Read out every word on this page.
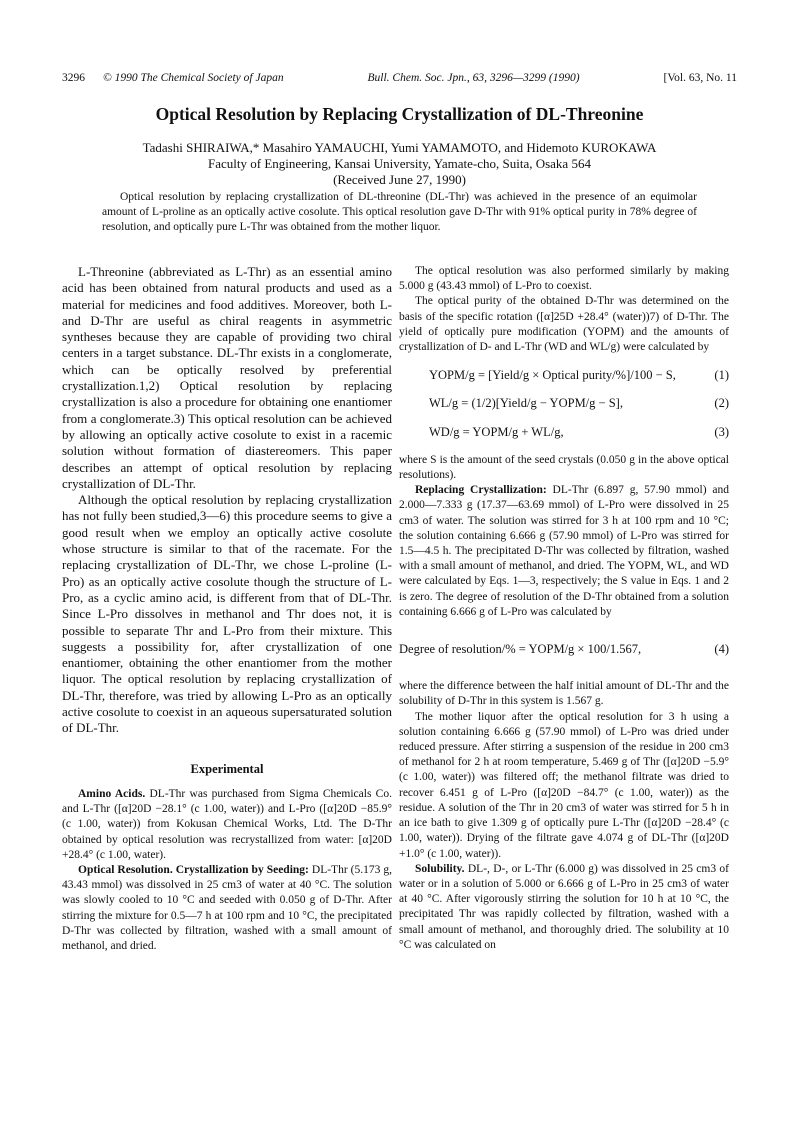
3296 © 1990 The Chemical Society of Japan	Bull. Chem. Soc. Jpn., 63, 3296—3299 (1990)	[Vol. 63, No. 11
Optical Resolution by Replacing Crystallization of DL-Threonine
Tadashi SHIRAIWA,* Masahiro YAMAUCHI, Yumi YAMAMOTO, and Hidemoto KUROKAWA
Faculty of Engineering, Kansai University, Yamate-cho, Suita, Osaka 564
(Received June 27, 1990)
Optical resolution by replacing crystallization of DL-threonine (DL-Thr) was achieved in the presence of an equimolar amount of L-proline as an optically active cosolute. This optical resolution gave D-Thr with 91% optical purity in 78% degree of resolution, and optically pure L-Thr was obtained from the mother liquor.

L-Threonine (abbreviated as L-Thr) as an essential amino acid has been obtained from natural products and used as a material for medicines and food additives. Moreover, both L-and D-Thr are useful as chiral reagents in asymmetric syntheses because they are capable of providing two chiral centers in a target substance. DL-Thr exists in a conglomerate, which can be optically resolved by preferential crystallization.1,2) Optical resolution by replacing crystallization is also a procedure for obtaining one enantiomer from a conglomerate.3) This optical resolution can be achieved by allowing an optically active cosolute to exist in a racemic solution without formation of diastereomers. This paper describes an attempt of optical resolution by replacing crystallization of DL-Thr.

Although the optical resolution by replacing crystallization has not fully been studied,3—6) this procedure seems to give a good result when we employ an optically active cosolute whose structure is similar to that of the racemate. For the replacing crystallization of DL-Thr, we chose L-proline (L-Pro) as an optically active cosolute though the structure of L-Pro, as a cyclic amino acid, is different from that of DL-Thr. Since L-Pro dissolves in methanol and Thr does not, it is possible to separate Thr and L-Pro from their mixture. This suggests a possibility for, after crystallization of one enantiomer, obtaining the other enantiomer from the mother liquor. The optical resolution by replacing crystallization of DL-Thr, therefore, was tried by allowing L-Pro as an optically active cosolute to coexist in an aqueous supersaturated solution of DL-Thr.

Experimental

Amino Acids. DL-Thr was purchased from Sigma Chemicals Co. and L-Thr ([α]20D −28.1° (c 1.00, water)) and L-Pro ([α]20D −85.9° (c 1.00, water)) from Kokusan Chemical Works, Ltd. The D-Thr obtained by optical resolution was recrystallized from water: [α]20D +28.4° (c 1.00, water).

Optical Resolution. Crystallization by Seeding: DL-Thr (5.173 g, 43.43 mmol) was dissolved in 25 cm3 of water at 40 °C. The solution was slowly cooled to 10 °C and seeded with 0.050 g of D-Thr. After stirring the mixture for 0.5—7 h at 100 rpm and 10 °C, the precipitated D-Thr was collected by filtration, washed with a small amount of methanol, and dried.

The optical resolution was also performed similarly by making 5.000 g (43.43 mmol) of L-Pro to coexist.

The optical purity of the obtained D-Thr was determined on the basis of the specific rotation ([α]25D +28.4° (water))7) of D-Thr. The yield of optically pure modification (YOPM) and the amounts of crystallization of D- and L-Thr (WD and WL/g) were calculated by

YOPM/g = [Yield/g × Optical purity/%]/100 − S,	(1)
WL/g = (1/2)[Yield/g − YOPM/g − S],	(2)
WD/g = YOPM/g + WL/g,	(3)

where S is the amount of the seed crystals (0.050 g in the above optical resolutions).

Replacing Crystallization: DL-Thr (6.897 g, 57.90 mmol) and 2.000—7.333 g (17.37—63.69 mmol) of L-Pro were dissolved in 25 cm3 of water. The solution was stirred for 3 h at 100 rpm and 10 °C; the solution containing 6.666 g (57.90 mmol) of L-Pro was stirred for 1.5—4.5 h. The precipitated D-Thr was collected by filtration, washed with a small amount of methanol, and dried. The YOPM, WL, and WD were calculated by Eqs. 1—3, respectively; the S value in Eqs. 1 and 2 is zero. The degree of resolution of the D-Thr obtained from a solution containing 6.666 g of L-Pro was calculated by

Degree of resolution/% = YOPM/g × 100/1.567,	(4)

where the difference between the half initial amount of DL-Thr and the solubility of D-Thr in this system is 1.567 g.

The mother liquor after the optical resolution for 3 h using a solution containing 6.666 g (57.90 mmol) of L-Pro was dried under reduced pressure. After stirring a suspension of the residue in 200 cm3 of methanol for 2 h at room temperature, 5.469 g of Thr ([α]20D −5.9° (c 1.00, water)) was filtered off; the methanol filtrate was dried to recover 6.451 g of L-Pro ([α]20D −84.7° (c 1.00, water)) as the residue. A solution of the Thr in 20 cm3 of water was stirred for 5 h in an ice bath to give 1.309 g of optically pure L-Thr ([α]20D −28.4° (c 1.00, water)). Drying of the filtrate gave 4.074 g of DL-Thr ([α]20D +1.0° (c 1.00, water)).

Solubility. DL-, D-, or L-Thr (6.000 g) was dissolved in 25 cm3 of water or in a solution of 5.000 or 6.666 g of L-Pro in 25 cm3 of water at 40 °C. After vigorously stirring the solution for 10 h at 10 °C, the precipitated Thr was rapidly collected by filtration, washed with a small amount of methanol, and thoroughly dried. The solubility at 10 °C was calculated on
